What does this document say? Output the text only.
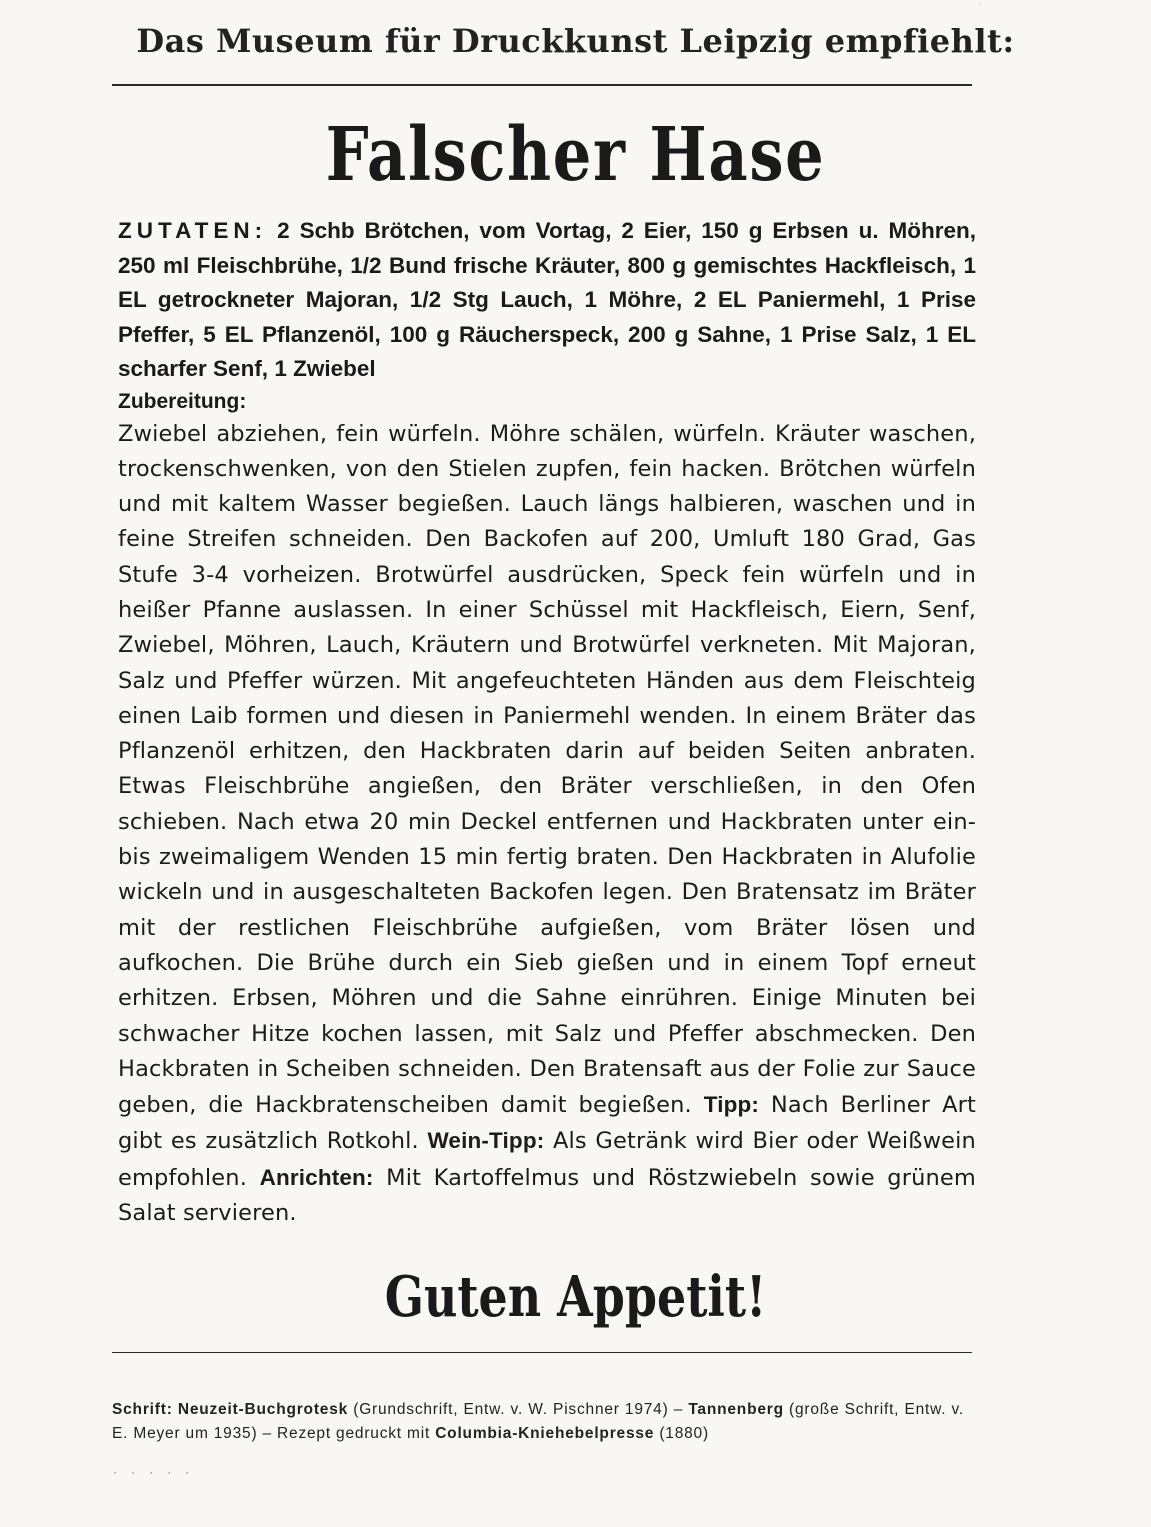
·
Das Museum für Druckkunst Leipzig empfiehlt:
Falscher Hase
ZUTATEN: 2 Schb Brötchen, vom Vortag, 2 Eier, 150 g Erbsen u. Möhren, 250 ml Fleischbrühe, 1/2 Bund frische Kräuter, 800 g gemischtes Hackfleisch, 1 EL getrockneter Majoran, 1/2 Stg Lauch, 1 Möhre, 2 EL Paniermehl, 1 Prise Pfeffer, 5 EL Pflanzenöl, 100 g Räucherspeck, 200 g Sahne, 1 Prise Salz, 1 EL scharfer Senf, 1 Zwiebel
Zubereitung:
Zwiebel abziehen, fein würfeln. Möhre schälen, würfeln. Kräuter waschen, trockenschwenken, von den Stielen zupfen, fein hacken. Brötchen würfeln und mit kaltem Wasser begießen. Lauch längs halbieren, waschen und in feine Streifen schneiden. Den Backofen auf 200, Umluft 180 Grad, Gas Stufe 3-4 vorheizen. Brotwürfel ausdrücken, Speck fein würfeln und in heißer Pfanne auslassen. In einer Schüssel mit Hackfleisch, Eiern, Senf, Zwiebel, Möhren, Lauch, Kräutern und Brotwürfel verkneten. Mit Majoran, Salz und Pfeffer würzen. Mit angefeuchteten Händen aus dem Fleischteig einen Laib formen und diesen in Paniermehl wenden. In einem Bräter das Pflanzenöl erhitzen, den Hackbraten darin auf beiden Seiten anbraten. Etwas Fleischbrühe angießen, den Bräter verschließen, in den Ofen schieben. Nach etwa 20 min Deckel entfernen und Hackbraten unter ein- bis zweimaligem Wenden 15 min fertig braten. Den Hackbraten in Alufolie wickeln und in ausgeschalteten Backofen legen. Den Bratensatz im Bräter mit der restlichen Fleischbrühe aufgießen, vom Bräter lösen und aufkochen. Die Brühe durch ein Sieb gießen und in einem Topf erneut erhitzen. Erbsen, Möhren und die Sahne einrühren. Einige Minuten bei schwacher Hitze kochen lassen, mit Salz und Pfeffer abschmecken. Den Hackbraten in Scheiben schneiden. Den Bratensaft aus der Folie zur Sauce geben, die Hackbratenscheiben damit begießen. Tipp: Nach Berliner Art gibt es zusätzlich Rotkohl. Wein-Tipp: Als Getränk wird Bier oder Weißwein empfohlen. Anrichten: Mit Kartoffelmus und Röstzwiebeln sowie grünem Salat servieren.
Guten Appetit!
Schrift: Neuzeit-Buchgrotesk (Grundschrift, Entw. v. W. Pischner 1974) – Tannenberg (große Schrift, Entw. v. E. Meyer um 1935) – Rezept gedruckt mit Columbia-Kniehebelpresse (1880)
· · · · ·
